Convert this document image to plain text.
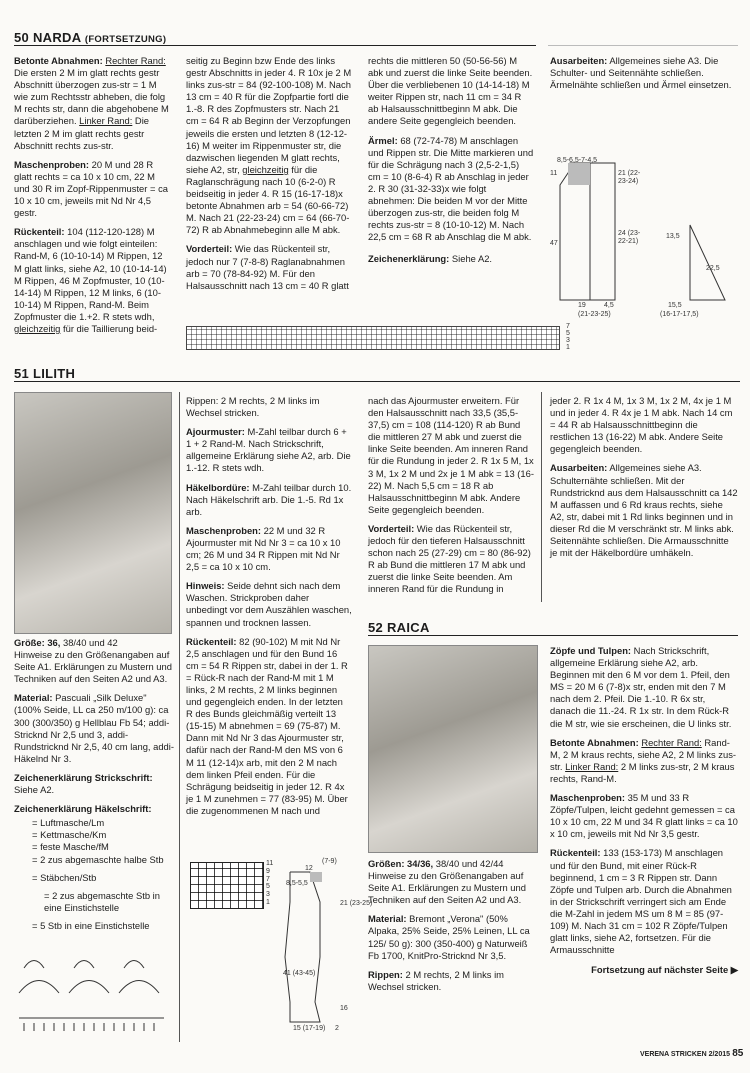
50 NARDA (FORTSETZUNG)

Betonte Abnahmen: Rechter Rand: Die ersten 2 M im glatt rechts gestr Abschnitt überzogen zus-str = 1 M wie zum Rechtsstr abheben, die folg M rechts str, dann die abgehobene M darüberziehen. Linker Rand: Die letzten 2 M im glatt rechts gestr Abschnitt rechts zus-str.

Maschenproben: 20 M und 28 R glatt rechts = ca 10 x 10 cm, 22 M und 30 R im Zopf-Rippenmuster = ca 10 x 10 cm, jeweils mit Nd Nr 4,5 gestr.

Rückenteil: 104 (112-120-128) M anschlagen und wie folgt einteilen: Rand-M, 6 (10-10-14) M Rippen, 12 M glatt links, siehe A2, 10 (10-14-14) M Rippen, 46 M Zopfmuster, 10 (10-14-14) M Rippen, 12 M links, 6 (10-10-14) M Rippen, Rand-M. Beim Zopfmuster die 1.+2. R stets wdh, gleichzeitig für die Taillierung beid-

seitig zu Beginn bzw Ende des links gestr Abschnitts in jeder 4. R 10x je 2 M links zus-str = 84 (92-100-108) M. Nach 13 cm = 40 R für die Zopfpartie fortl die 1.-8. R des Zopfmusters str. Nach 21 cm = 64 R ab Beginn der Verzopfungen jeweils die ersten und letzten 8 (12-12-16) M weiter im Rippenmuster str, die dazwischen liegenden M glatt rechts, siehe A2, str, gleichzeitig für die Raglanschrägung nach 10 (6-2-0) R beidseitig in jeder 4. R 15 (16-17-18)x betonte Abnahmen arb = 54 (60-66-72) M. Nach 21 (22-23-24) cm = 64 (66-70-72) R ab Abnahmebeginn alle M abk.

Vorderteil: Wie das Rückenteil str, jedoch nur 7 (7-8-8) Raglanabnahmen arb = 70 (78-84-92) M. Für den Halsausschnitt nach 13 cm = 40 R glatt

rechts die mittleren 50 (50-56-56) M abk und zuerst die linke Seite beenden. Über die verbliebenen 10 (14-14-18) M weiter Rippen str, nach 11 cm = 34 R ab Halsausschnittbeginn M abk. Die andere Seite gegengleich beenden.

Ärmel: 68 (72-74-78) M anschlagen und Rippen str. Die Mitte markieren und für die Schrägung nach 3 (2,5-2-1,5) cm = 10 (8-6-4) R ab Anschlag in jeder 2. R 30 (31-32-33)x wie folgt abnehmen: Die beiden M vor der Mitte überzogen zus-str, die beiden folg M rechts zus-str = 8 (10-10-12) M. Nach 22,5 cm = 68 R ab Anschlag die M abk.

Zeichenerklärung: Siehe A2.

Ausarbeiten: Allgemeines siehe A3. Die Schulter- und Seitennähte schließen. Ärmelnähte schließen und Ärmel einsetzen.

8,5-6,5-7-4,5
11
47
19	4,5
(21-23-25)
24 (23-22-21)
21 (22-23-24)
13,5
22,5
15,5
(16-17-17,5)
7
5
3
1
51 LILITH

Größe: 36, 38/40 und 42
Hinweise zu den Größenangaben auf Seite A1. Erklärungen zu Mustern und Techniken auf den Seiten A2 und A3.

Material: Pascuali „Silk Deluxe" (100% Seide, LL ca 250 m/100 g): ca 300 (300/350) g Hellblau Fb 54; addi-Stricknd Nr 2,5 und 3, addi-Rundstricknd Nr 2,5, 40 cm lang, addi-Häkelnd Nr 3.

Zeichenerklärung Strickschrift:

Siehe A2.

Zeichenerklärung Häkelschrift:

= Luftmasche/Lm
= Kettmasche/Km
= feste Masche/fM
= 2 zus abgemaschte halbe Stb
= Stäbchen/Stb
= 2 zus abgemaschte Stb in eine Einstichstelle
= 5 Stb in eine Einstichstelle

Rippen: 2 M rechts, 2 M links im Wechsel stricken.

Ajourmuster: M-Zahl teilbar durch 6 + 1 + 2 Rand-M. Nach Strickschrift, allgemeine Erklärung siehe A2, arb. Die 1.-12. R stets wdh.

Häkelbordüre: M-Zahl teilbar durch 10. Nach Häkelschrift arb. Die 1.-5. Rd 1x arb.

Maschenproben: 22 M und 32 R Ajourmuster mit Nd Nr 3 = ca 10 x 10 cm; 26 M und 34 R Rippen mit Nd Nr 2,5 = ca 10 x 10 cm.

Hinweis: Seide dehnt sich nach dem Waschen. Strickproben daher unbedingt vor dem Auszählen waschen, spannen und trocknen lassen.

Rückenteil: 82 (90-102) M mit Nd Nr 2,5 anschlagen und für den Bund 16 cm = 54 R Rippen str, dabei in der 1. R = Rück-R nach der Rand-M mit 1 M links, 2 M rechts, 2 M links beginnen und gegengleich enden. In der letzten R des Bunds gleichmäßig verteilt 13 (15-15) M abnehmen = 69 (75-87) M. Dann mit Nd Nr 3 das Ajourmuster str, dafür nach der Rand-M den MS von 6 M 11 (12-14)x arb, mit den 2 M nach dem linken Pfeil enden. Für die Schrägung beidseitig in jeder 12. R 4x je 1 M zunehmen = 77 (83-95) M. Über die zugenommenen M nach und

11
9
7
5
3
1
12
(7-9)
8,5-5,5
21 (23-25)
41 (43-45)
16
15 (17-19) 2

nach das Ajourmuster erweitern. Für den Halsausschnitt nach 33,5 (35,5-37,5) cm = 108 (114-120) R ab Bund die mittleren 27 M abk und zuerst die linke Seite beenden. Am inneren Rand für die Rundung in jeder 2. R 1x 5 M, 1x 3 M, 1x 2 M und 2x je 1 M abk = 13 (16-22) M. Nach 5,5 cm = 18 R ab Halsausschnittbeginn M abk. Andere Seite gegengleich beenden.

Vorderteil: Wie das Rückenteil str, jedoch für den tieferen Halsausschnitt schon nach 25 (27-29) cm = 80 (86-92) R ab Bund die mittleren 17 M abk und zuerst die linke Seite beenden. Am inneren Rand für die Rundung in

jeder 2. R 1x 4 M, 1x 3 M, 1x 2 M, 4x je 1 M und in jeder 4. R 4x je 1 M abk. Nach 14 cm = 44 R ab Halsausschnittbeginn die restlichen 13 (16-22) M abk. Andere Seite gegengleich beenden.

Ausarbeiten: Allgemeines siehe A3. Schulternähte schließen. Mit der Rundstricknd aus dem Halsausschnitt ca 142 M auffassen und 6 Rd kraus rechts, siehe A2, str, dabei mit 1 Rd links beginnen und in dieser Rd die M verschränkt str. M links abk. Seitennähte schließen. Die Armausschnitte je mit der Häkelbordüre umhäkeln.

52 RAICA

Größen: 34/36, 38/40 und 42/44
Hinweise zu den Größenangaben auf Seite A1. Erklärungen zu Mustern und Techniken auf den Seiten A2 und A3.

Material: Bremont „Verona" (50% Alpaka, 25% Seide, 25% Leinen, LL ca 125/ 50 g): 300 (350-400) g Naturweiß Fb 1700, KnitPro-Stricknd Nr 3,5.

Rippen: 2 M rechts, 2 M links im Wechsel stricken.

Zöpfe und Tulpen: Nach Strickschrift, allgemeine Erklärung siehe A2, arb. Beginnen mit den 6 M vor dem 1. Pfeil, den MS = 20 M 6 (7-8)x str, enden mit den 7 M nach dem 2. Pfeil. Die 1.-10. R 6x str, danach die 11.-24. R 1x str. In dem Rück-R die M str, wie sie erscheinen, die U links str.

Betonte Abnahmen: Rechter Rand: Rand-M, 2 M kraus rechts, siehe A2, 2 M links zus-str. Linker Rand: 2 M links zus-str, 2 M kraus rechts, Rand-M.

Maschenproben: 35 M und 33 R Zöpfe/Tulpen, leicht gedehnt gemessen = ca 10 x 10 cm, 22 M und 34 R glatt links = ca 10 x 10 cm, jeweils mit Nd Nr 3,5 gestr.

Rückenteil: 133 (153-173) M anschlagen und für den Bund, mit einer Rück-R beginnend, 1 cm = 3 R Rippen str. Dann Zöpfe und Tulpen arb. Durch die Abnahmen in der Strickschrift verringert sich am Ende die M-Zahl in jedem MS um 8 M = 85 (97-109) M. Nach 31 cm = 102 R Zöpfe/Tulpen glatt links, siehe A2, fortsetzen. Für die Armausschnitte

Fortsetzung auf nächster Seite ▶

VERENA STRICKEN 2/2015 85
